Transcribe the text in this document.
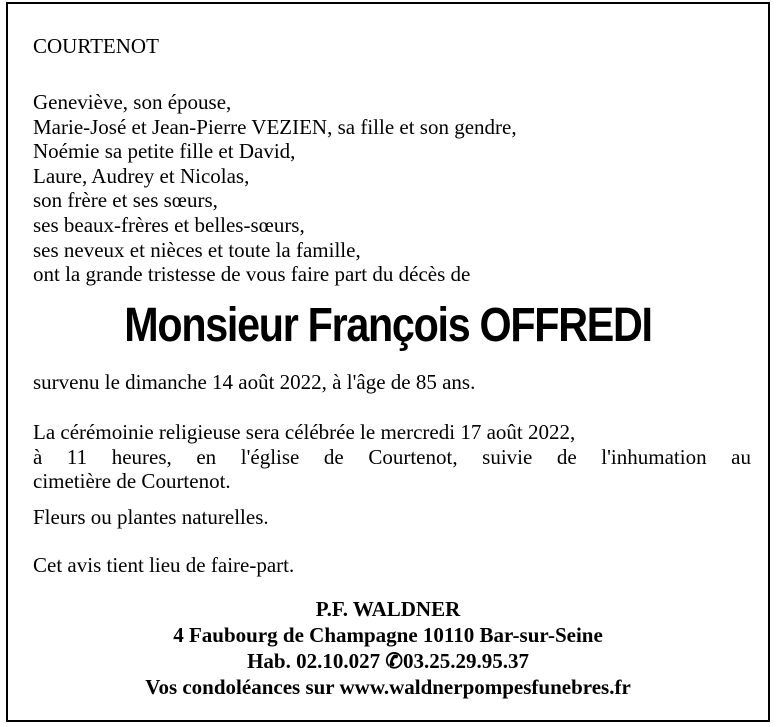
COURTENOT
Geneviève, son épouse,
Marie-José et Jean-Pierre VEZIEN, sa fille et son gendre,
Noémie sa petite fille et David,
Laure, Audrey et Nicolas,
son frère et ses sœurs,
ses beaux-frères et belles-sœurs,
ses neveux et nièces et toute la famille,
ont la grande tristesse de vous faire part du décès de
Monsieur François OFFREDI
survenu le dimanche 14 août 2022, à l'âge de 85 ans.
La cérémoinie religieuse sera célébrée le mercredi 17 août 2022,
à 11 heures, en l'église de Courtenot, suivie de l'inhumation au
cimetière de Courtenot.
Fleurs ou plantes naturelles.
Cet avis tient lieu de faire-part.
P.F. WALDNER
4 Faubourg de Champagne 10110 Bar-sur-Seine
Hab. 02.10.027 ✆03.25.29.95.37
Vos condoléances sur www.waldnerpompesfunebres.fr
